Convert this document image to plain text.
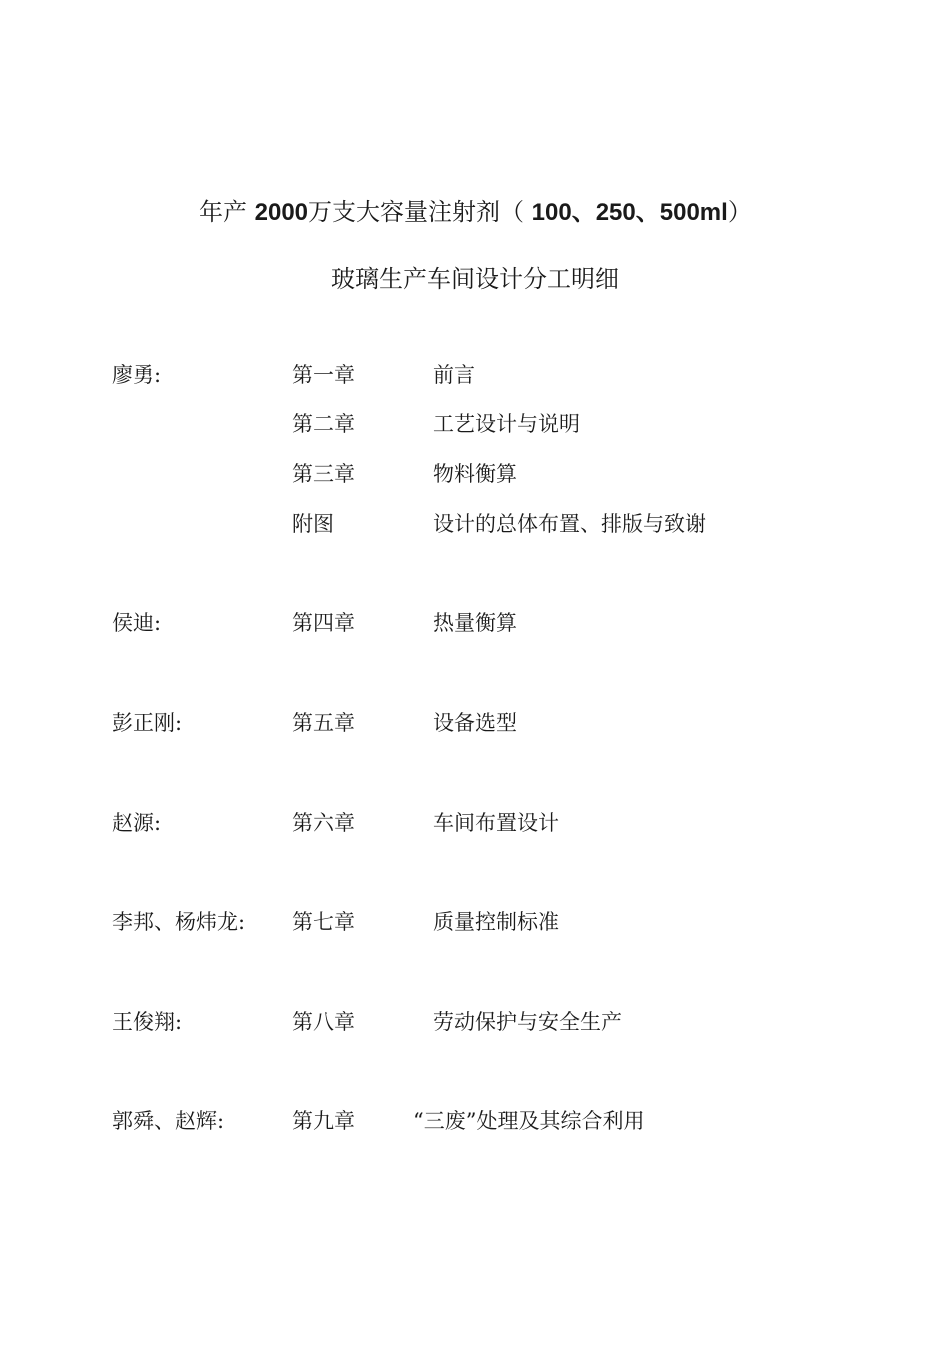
年产 2000万支大容量注射剂（ 100、250、500ml）
玻璃生产车间设计分工明细
廖勇:	第一章	前言
第二章	工艺设计与说明
第三章	物料衡算
附图	设计的总体布置、排版与致谢
侯迪:	第四章	热量衡算
彭正刚:	第五章	设备选型
赵源:	第六章	车间布置设计
李邦、杨炜龙: 第七章	质量控制标准
王俊翔:	第八章	劳动保护与安全生产
郭舜、赵辉:	第九章	“三废”处理及其综合利用
